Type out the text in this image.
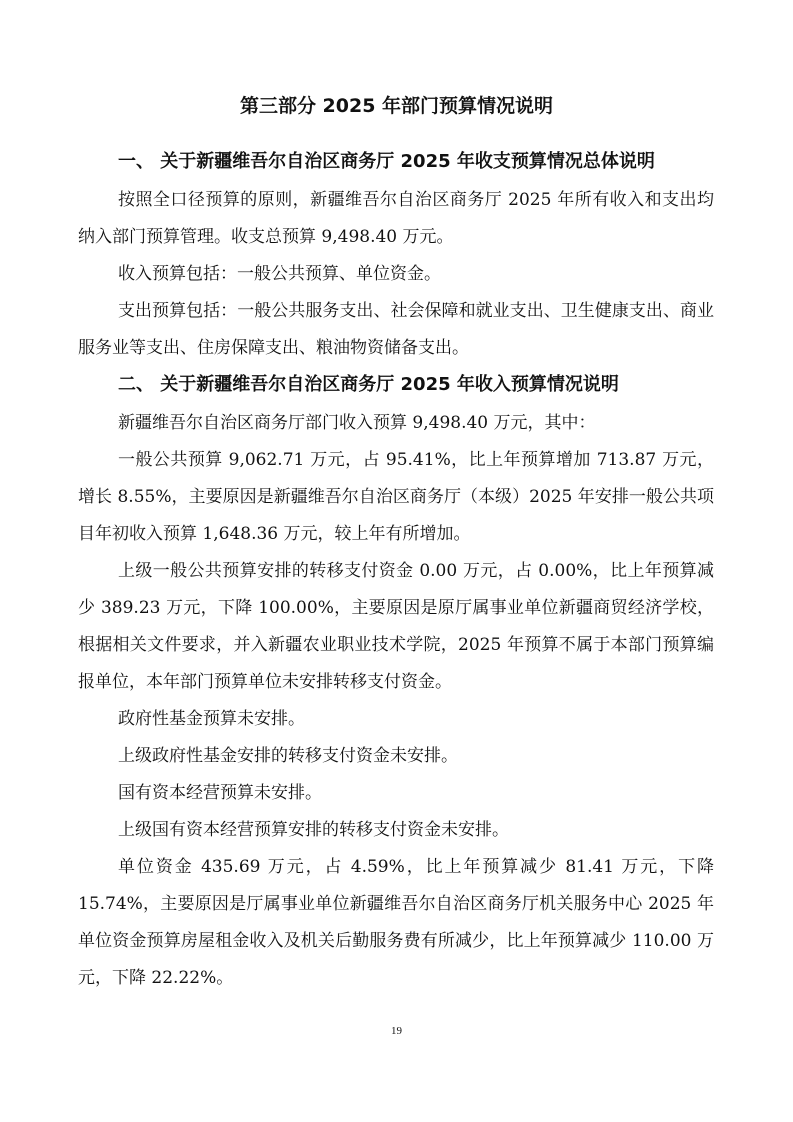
第三部分 2025 年部门预算情况说明
一、 关于新疆维吾尔自治区商务厅 2025 年收支预算情况总体说明
按照全口径预算的原则，新疆维吾尔自治区商务厅 2025 年所有收入和支出均纳入部门预算管理。收支总预算 9,498.40 万元。
收入预算包括：一般公共预算、单位资金。
支出预算包括：一般公共服务支出、社会保障和就业支出、卫生健康支出、商业服务业等支出、住房保障支出、粮油物资储备支出。
二、 关于新疆维吾尔自治区商务厅 2025 年收入预算情况说明
新疆维吾尔自治区商务厅部门收入预算 9,498.40 万元，其中：
一般公共预算 9,062.71 万元，占 95.41%，比上年预算增加 713.87 万元，增长 8.55%，主要原因是新疆维吾尔自治区商务厅（本级）2025 年安排一般公共项目年初收入预算 1,648.36 万元，较上年有所增加。
上级一般公共预算安排的转移支付资金 0.00 万元，占 0.00%，比上年预算减少 389.23 万元，下降 100.00%，主要原因是原厅属事业单位新疆商贸经济学校，根据相关文件要求，并入新疆农业职业技术学院，2025 年预算不属于本部门预算编报单位，本年部门预算单位未安排转移支付资金。
政府性基金预算未安排。
上级政府性基金安排的转移支付资金未安排。
国有资本经营预算未安排。
上级国有资本经营预算安排的转移支付资金未安排。
单位资金 435.69 万元，占 4.59%，比上年预算减少 81.41 万元，下降 15.74%，主要原因是厅属事业单位新疆维吾尔自治区商务厅机关服务中心 2025 年单位资金预算房屋租金收入及机关后勤服务费有所减少，比上年预算减少 110.00 万元，下降 22.22%。
19
